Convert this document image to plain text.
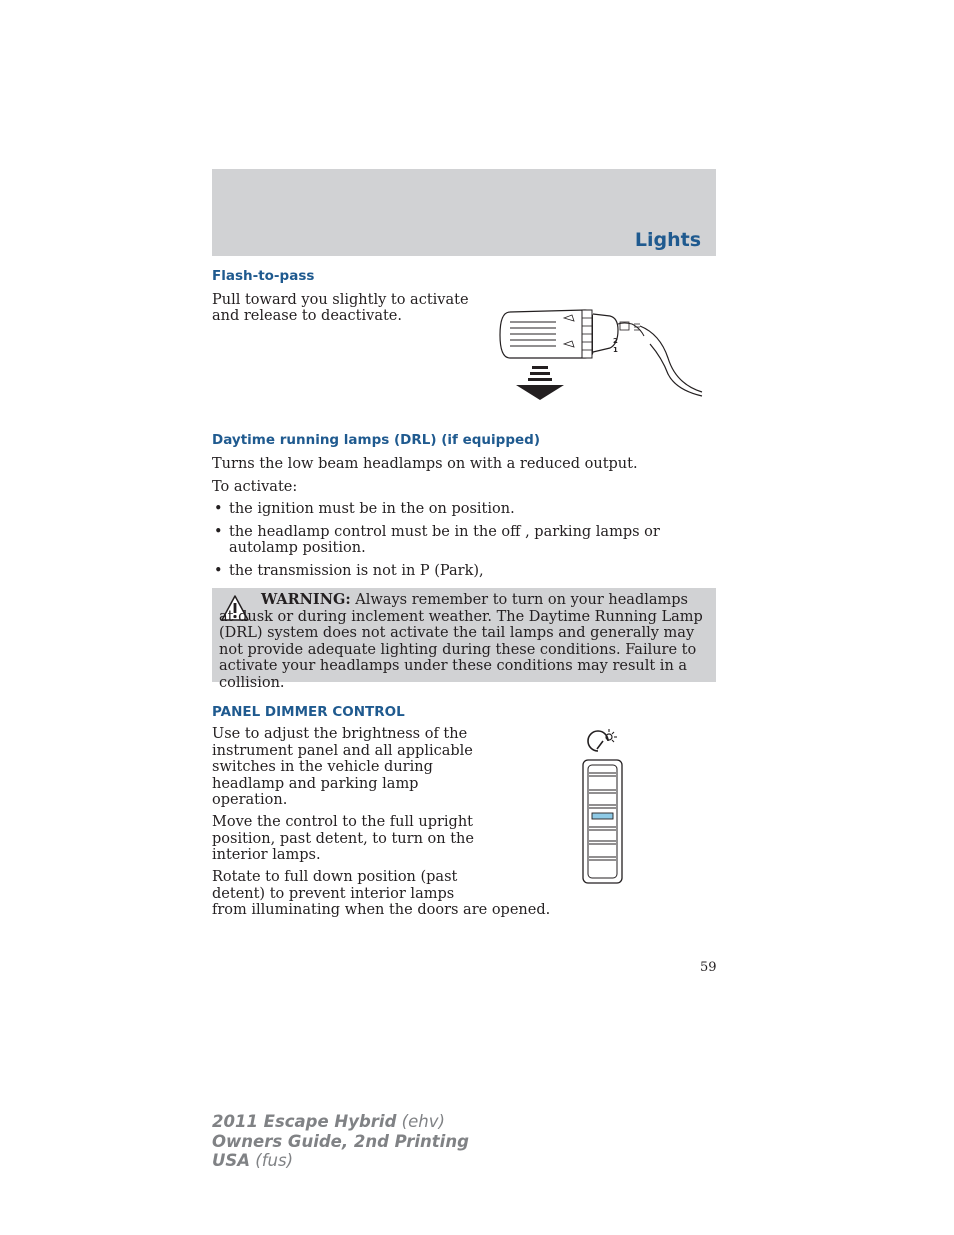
Lights
Flash-to-pass
Pull toward you slightly to activate
and release to deactivate.
2
1
Daytime running lamps (DRL) (if equipped)
Turns the low beam headlamps on with a reduced output.
To activate:
• the ignition must be in the on position.
• the headlamp control must be in the off , parking lamps or autolamp position.
• the transmission is not in P (Park),

WARNING: Always remember to turn on your headlamps at dusk or during inclement weather. The Daytime Running Lamp (DRL) system does not activate the tail lamps and generally may not provide adequate lighting during these conditions. Failure to activate your headlamps under these conditions may result in a collision.

PANEL DIMMER CONTROL
Use to adjust the brightness of the
instrument panel and all applicable
switches in the vehicle during
headlamp and parking lamp
operation.
Move the control to the full upright
position, past detent, to turn on the
interior lamps.
Rotate to full down position (past
detent) to prevent interior lamps
from illuminating when the doors are opened.
59
2011 Escape Hybrid (ehv)
Owners Guide, 2nd Printing
USA (fus)
